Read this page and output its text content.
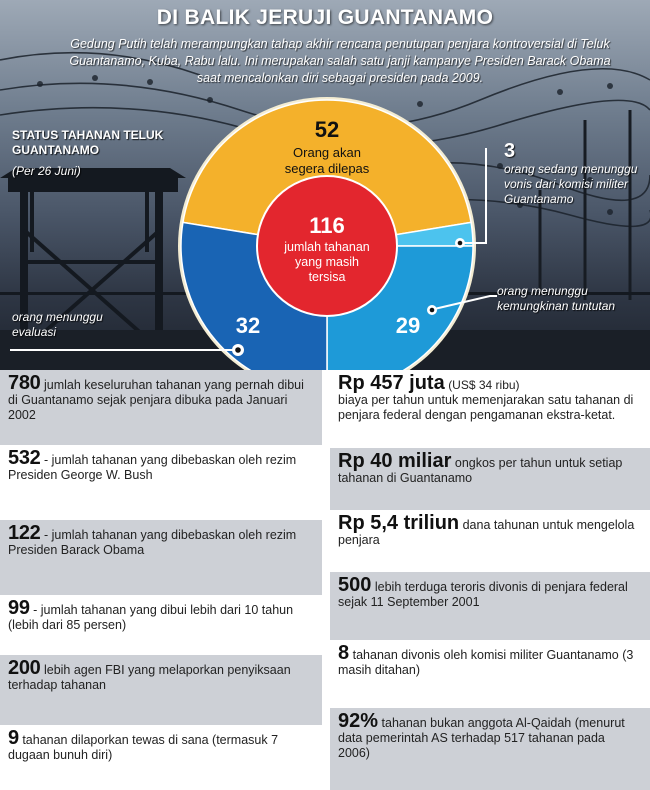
52
Orang akan
segera dilepas
32	29
116
jumlah tahanan
yang masih
tersisa
DI BALIK JERUJI GUANTANAMO
Gedung Putih telah merampungkan tahap akhir rencana penutupan penjara kontroversial di Teluk Guantanamo, Kuba, Rabu lalu. Ini merupakan salah satu janji kampanye Presiden Barack Obama saat mencalonkan diri sebagai presiden pada 2009.
STATUS TAHANAN TELUK GUANTANAMO
(Per 26 Juni)
3
orang sedang menunggu vonis dari komisi militer Guantanamo
orang menunggu kemungkinan tuntutan
orang menunggu evaluasi
780 jumlah keseluruhan tahanan yang pernah dibui di Guantanamo sejak penjara dibuka pada Januari 2002
532 - jumlah tahanan yang dibebaskan oleh rezim Presiden George W. Bush
122 - jumlah tahanan yang dibebaskan oleh rezim Presiden Barack Obama
99 - jumlah tahanan yang dibui lebih dari 10 tahun (lebih dari 85 persen)
200 lebih agen FBI yang melaporkan penyiksaan terhadap tahanan
9 tahanan dilaporkan tewas di sana (termasuk 7 dugaan bunuh diri)
Rp 457 juta (US$ 34 ribu)
biaya per tahun untuk memenjarakan satu tahanan di penjara federal dengan pengamanan ekstra-ketat.
Rp 40 miliar ongkos per tahun untuk setiap tahanan di Guantanamo
Rp 5,4 triliun dana tahunan untuk mengelola penjara
500 lebih terduga teroris divonis di penjara federal sejak 11 September 2001
8 tahanan divonis oleh komisi militer Guantanamo (3 masih ditahan)
92% tahanan bukan anggota Al-Qaidah (menurut data pemerintah AS terhadap 517 tahanan pada 2006)
